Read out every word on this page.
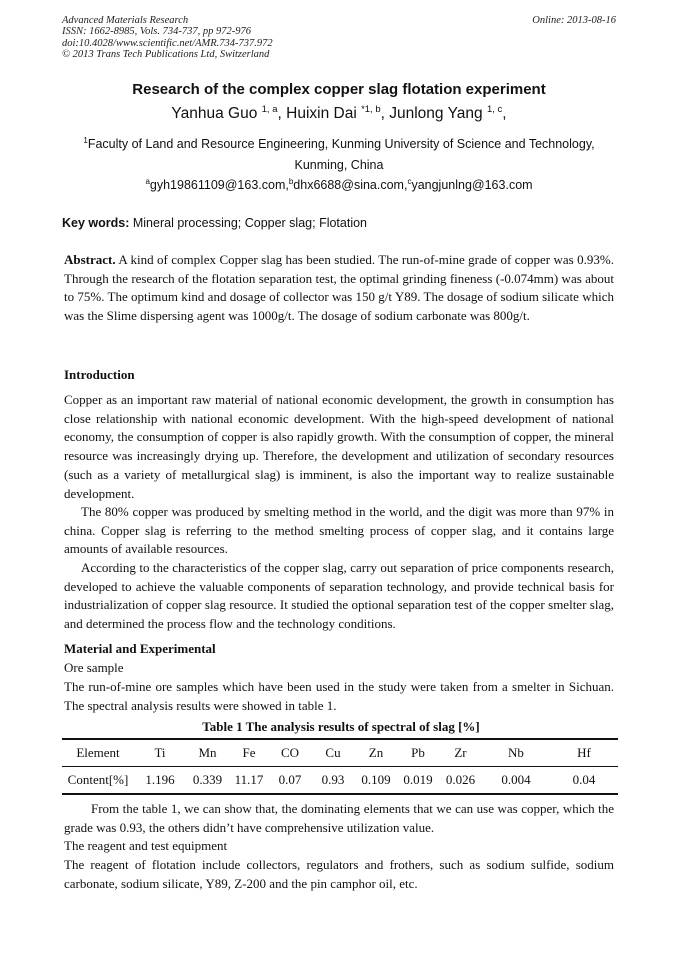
Advanced Materials Research
ISSN: 1662-8985, Vols. 734-737, pp 972-976
doi:10.4028/www.scientific.net/AMR.734-737.972
© 2013 Trans Tech Publications Ltd, Switzerland
Online: 2013-08-16
Research of the complex copper slag flotation experiment
Yanhua Guo $^{1, a}$, Huixin Dai $^{*1, b}$, Junlong Yang $^{1, c}$,
$^1$Faculty of Land and Resource Engineering, Kunming University of Science and Technology,
Kunming, China
$^a$gyh19861109@163.com,$^b$dhx6688@sina.com,$^c$yangjunlng@163.com
Key words: Mineral processing; Copper slag; Flotation
Abstract. A kind of complex Copper slag has been studied. The run-of-mine grade of copper was 0.93%. Through the research of the flotation separation test, the optimal grinding fineness (-0.074mm) was about to 75%. The optimum kind and dosage of collector was 150 g/t Y89. The dosage of sodium silicate which was the Slime dispersing agent was 1000g/t. The dosage of sodium carbonate was 800g/t.
Introduction
Copper as an important raw material of national economic development, the growth in consumption has close relationship with national economic development. With the high-speed development of national economy, the consumption of copper is also rapidly growth. With the consumption of copper, the mineral resource was increasingly drying up. Therefore, the development and utilization of secondary resources (such as a variety of metallurgical slag) is imminent, is also the important way to realize sustainable development.
The 80% copper was produced by smelting method in the world, and the digit was more than 97% in china. Copper slag is referring to the method smelting process of copper slag, and it contains large amounts of available resources.
According to the characteristics of the copper slag, carry out separation of price components research, developed to achieve the valuable components of separation technology, and provide technical basis for industrialization of copper slag resource. It studied the optional separation test of the copper smelter slag, and determined the process flow and the technology conditions.
Material and Experimental
Ore sample
The run-of-mine ore samples which have been used in the study were taken from a smelter in Sichuan. The spectral analysis results were showed in table 1.
Table 1 The analysis results of spectral of slag [%]
Element	Ti	Mn	Fe	CO	Cu	Zn	Pb	Zr	Nb	Hf
Content[%]	1.196	0.339	11.17	0.07	0.93	0.109	0.019	0.026	0.004	0.04
From the table 1, we can show that, the dominating elements that we can use was copper, which the grade was 0.93, the others didn’t have comprehensive utilization value.
The reagent and test equipment
The reagent of flotation include collectors, regulators and frothers, such as sodium sulfide, sodium carbonate, sodium silicate, Y89, Z-200 and the pin camphor oil, etc.
